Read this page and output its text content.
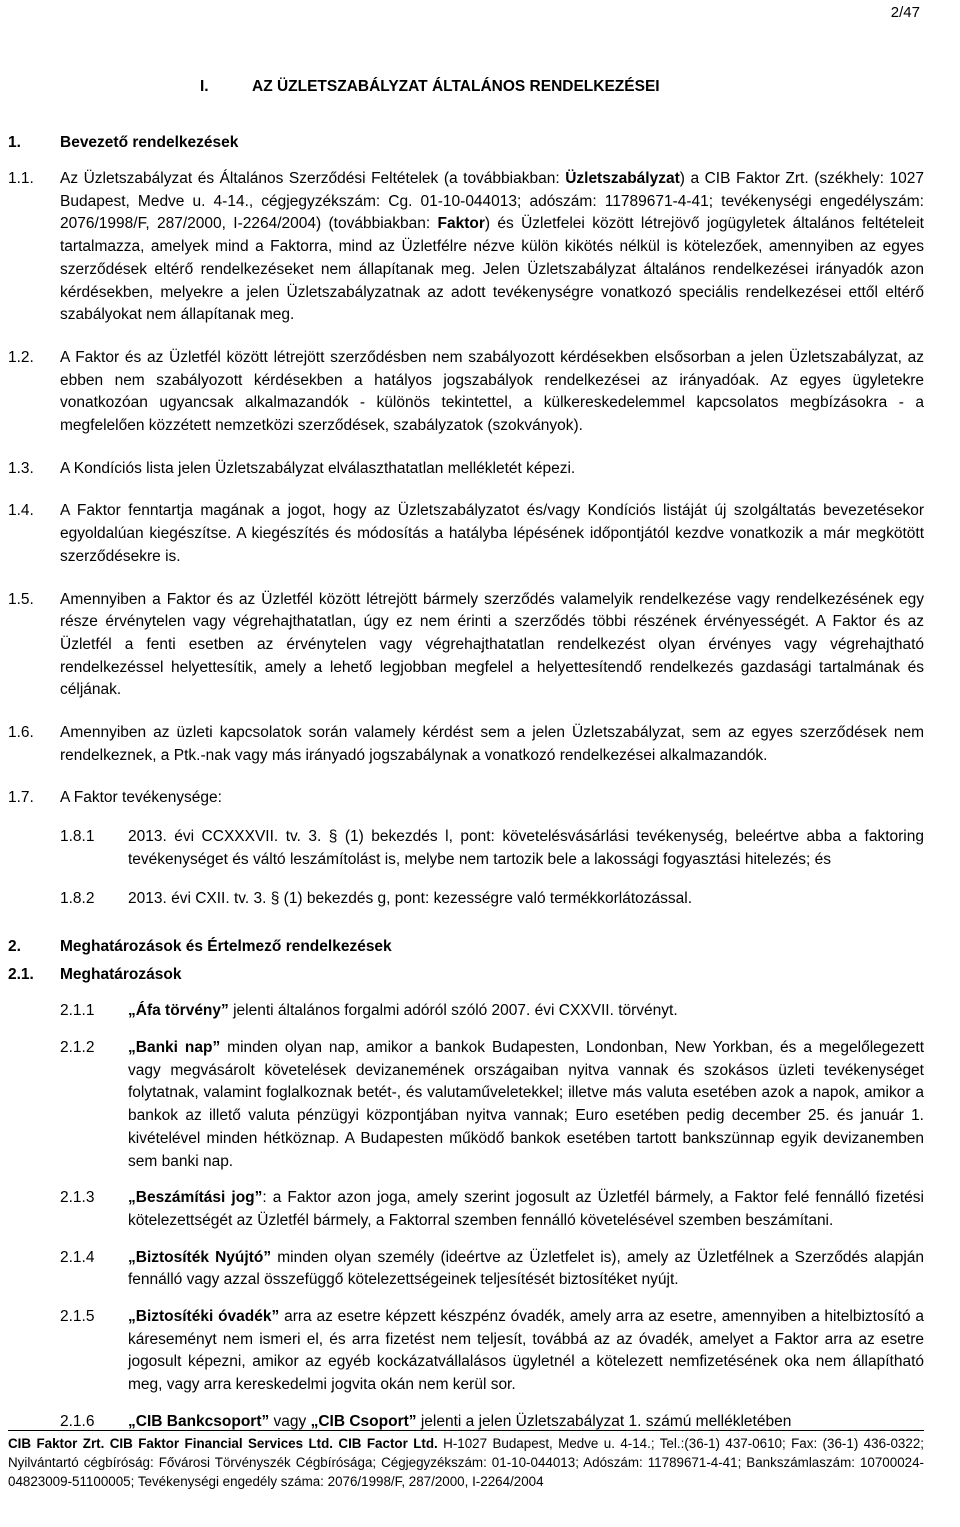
2/47
I.	AZ ÜZLETSZABÁLYZAT ÁLTALÁNOS RENDELKEZÉSEI
1.	Bevezető rendelkezések
1.1.	Az Üzletszabályzat és Általános Szerződési Feltételek (a továbbiakban: Üzletszabályzat) a CIB Faktor Zrt. (székhely: 1027 Budapest, Medve u. 4-14., cégjegyzékszám: Cg. 01-10-044013; adószám: 11789671-4-41; tevékenységi engedélyszám: 2076/1998/F, 287/2000, I-2264/2004) (továbbiakban: Faktor) és Üzletfelei között létrejövő jogügyletek általános feltételeit tartalmazza, amelyek mind a Faktorra, mind az Üzletfélre nézve külön kikötés nélkül is kötelezőek, amennyiben az egyes szerződések eltérő rendelkezéseket nem állapítanak meg. Jelen Üzletszabályzat általános rendelkezései irányadók azon kérdésekben, melyekre a jelen Üzletszabályzatnak az adott tevékenységre vonatkozó speciális rendelkezései ettől eltérő szabályokat nem állapítanak meg.
1.2.	A Faktor és az Üzletfél között létrejött szerződésben nem szabályozott kérdésekben elsősorban a jelen Üzletszabályzat, az ebben nem szabályozott kérdésekben a hatályos jogszabályok rendelkezései az irányadóak. Az egyes ügyletekre vonatkozóan ugyancsak alkalmazandók - különös tekintettel, a külkereskedelemmel kapcsolatos megbízásokra - a megfelelően közzétett nemzetközi szerződések, szabályzatok (szokványok).
1.3.	A Kondíciós lista jelen Üzletszabályzat elválaszthatatlan mellékletét képezi.
1.4.	A Faktor fenntartja magának a jogot, hogy az Üzletszabályzatot és/vagy Kondíciós listáját új szolgáltatás bevezetésekor egyoldalúan kiegészítse. A kiegészítés és módosítás a hatályba lépésének időpontjától kezdve vonatkozik a már megkötött szerződésekre is.
1.5.	Amennyiben a Faktor és az Üzletfél között létrejött bármely szerződés valamelyik rendelkezése vagy rendelkezésének egy része érvénytelen vagy végrehajthatatlan, úgy ez nem érinti a szerződés többi részének érvényességét. A Faktor és az Üzletfél a fenti esetben az érvénytelen vagy végrehajthatatlan rendelkezést olyan érvényes vagy végrehajtható rendelkezéssel helyettesítik, amely a lehető legjobban megfelel a helyettesítendő rendelkezés gazdasági tartalmának és céljának.
1.6.	Amennyiben az üzleti kapcsolatok során valamely kérdést sem a jelen Üzletszabályzat, sem az egyes szerződések nem rendelkeznek, a Ptk.-nak vagy más irányadó jogszabálynak a vonatkozó rendelkezései alkalmazandók.
1.7.	A Faktor tevékenysége:
1.8.1	2013. évi CCXXXVII. tv. 3. § (1) bekezdés l, pont: követelésvásárlási tevékenység, beleértve abba a faktoring tevékenységet és váltó leszámítolást is, melybe nem tartozik bele a lakossági fogyasztási hitelezés; és
1.8.2	2013. évi CXII. tv. 3. § (1) bekezdés g, pont: kezességre való termékkorlátozással.
2.	Meghatározások és Értelmező rendelkezések
2.1.	Meghatározások
2.1.1	„Áfa törvény” jelenti általános forgalmi adóról szóló 2007. évi CXXVII. törvényt.
2.1.2	„Banki nap” minden olyan nap, amikor a bankok Budapesten, Londonban, New Yorkban, és a megelőlegezett vagy megvásárolt követelések devizanemének országaiban nyitva vannak és szokásos üzleti tevékenységet folytatnak, valamint foglalkoznak betét-, és valutaműveletekkel; illetve más valuta esetében azok a napok, amikor a bankok az illető valuta pénzügyi központjában nyitva vannak; Euro esetében pedig december 25. és január 1. kivételével minden hétköznap. A Budapesten működő bankok esetében tartott bankszünnap egyik devizanemben sem banki nap.
2.1.3	„Beszámítási jog”: a Faktor azon joga, amely szerint jogosult az Üzletfél bármely, a Faktor felé fennálló fizetési kötelezettségét az Üzletfél bármely, a Faktorral szemben fennálló követelésével szemben beszámítani.
2.1.4	„Biztosíték Nyújtó” minden olyan személy (ideértve az Üzletfelet is), amely az Üzletfélnek a Szerződés alapján fennálló vagy azzal összefüggő kötelezettségeinek teljesítését biztosítéket nyújt.
2.1.5	„Biztosítéki óvadék” arra az esetre képzett készpénz óvadék, amely arra az esetre, amennyiben a hitelbiztosító a káreseményt nem ismeri el, és arra fizetést nem teljesít, továbbá az az óvadék, amelyet a Faktor arra az esetre jogosult képezni, amikor az egyéb kockázatvállalásos ügyletnél a kötelezett nemfizetésének oka nem állapítható meg, vagy arra kereskedelmi jogvita okán nem kerül sor.
2.1.6	„CIB Bankcsoport” vagy „CIB Csoport” jelenti a jelen Üzletszabályzat 1. számú mellékletében
CIB Faktor Zrt. CIB Faktor Financial Services Ltd. CIB Factor Ltd. H-1027 Budapest, Medve u. 4-14.; Tel.:(36-1) 437-0610; Fax: (36-1) 436-0322; Nyilvántartó cégbíróság: Fővárosi Törvényszék Cégbírósága; Cégjegyzékszám: 01-10-044013; Adószám: 11789671-4-41; Bankszámlaszám: 10700024-04823009-51100005; Tevékenységi engedély száma: 2076/1998/F, 287/2000, I-2264/2004
